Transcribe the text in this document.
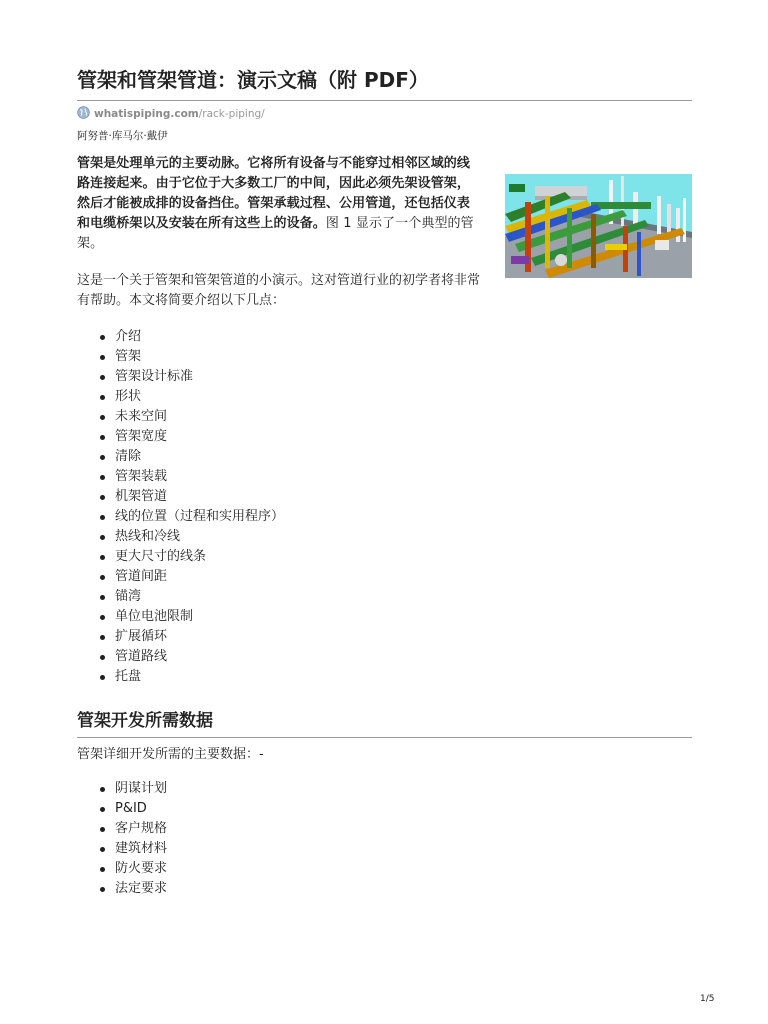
管架和管架管道：演示文稿（附 PDF）
whatispiping.com/rack-piping/
阿努普·库马尔·戴伊

管架是处理单元的主要动脉。它将所有设备与不能穿过相邻区域的线路连接起来。由于它位于大多数工厂的中间，因此必须先架设管架，然后才能被成排的设备挡住。管架承载过程、公用管道，还包括仪表和电缆桥架以及安装在所有这些上的设备。图 1 显示了一个典型的管架。

这是一个关于管架和管架管道的小演示。这对管道行业的初学者将非常有帮助。本文将简要介绍以下几点：

介绍
管架
管架设计标准
形状
未来空间
管架宽度
清除
管架装载
机架管道
线的位置（过程和实用程序）
热线和冷线
更大尺寸的线条
管道间距
锚湾
单位电池限制
扩展循环
管道路线
托盘
管架开发所需数据

管架详细开发所需的主要数据：-

阴谋计划
P&ID
客户规格
建筑材料
防火要求
法定要求
1/5
